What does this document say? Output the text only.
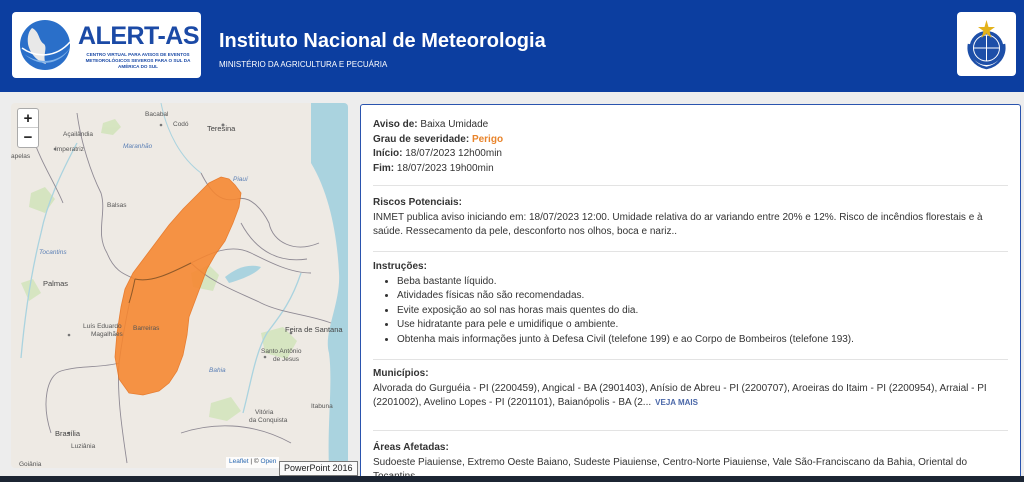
ALERT-AS
CENTRO VIRTUAL PARA AVISOS DE EVENTOS METEOROLÓGICOS SEVEROS PARA O SUL DA AMÉRICA DO SUL
Instituto Nacional de Meteorologia
MINISTÉRIO DA AGRICULTURA E PECUÁRIA
+
−
Bacabal
Codó Teresina
Açailândia
Imperatriz	Maranhão
Piauí
apelas
Balsas
Tocantins
Palmas
Luís Eduardo
Magalhães
Barreiras	Feira de Santana
Santo Antônio
de Jesus
Bahia
Vitória
da Conquista
Itabuna
Brasília
Luziânia
Goiânia	Leaflet | © Open
PowerPoint 2016
Aviso de: Baixa Umidade
Grau de severidade: Perigo
Início: 18/07/2023 12h00min
Fim: 18/07/2023 19h00min
Riscos Potenciais:
INMET publica aviso iniciando em: 18/07/2023 12:00. Umidade relativa do ar variando entre 20% e 12%. Risco de incêndios florestais e à saúde. Ressecamento da pele, desconforto nos olhos, boca e nariz..
Instruções:
• Beba bastante líquido.
• Atividades físicas não são recomendadas.
• Evite exposição ao sol nas horas mais quentes do dia.
• Use hidratante para pele e umidifique o ambiente.
• Obtenha mais informações junto à Defesa Civil (telefone 199) e ao Corpo de Bombeiros (telefone 193).
Municípios:
Alvorada do Gurguéia - PI (2200459), Angical - BA (2901403), Anísio de Abreu - PI (2200707), Aroeiras do Itaim - PI (2200954), Arraial - PI (2201002), Avelino Lopes - PI (2201101), Baianópolis - BA (2... VEJA MAIS
Áreas Afetadas:
Sudoeste Piauiense, Extremo Oeste Baiano, Sudeste Piauiense, Centro-Norte Piauiense, Vale São-Franciscano da Bahia, Oriental do
